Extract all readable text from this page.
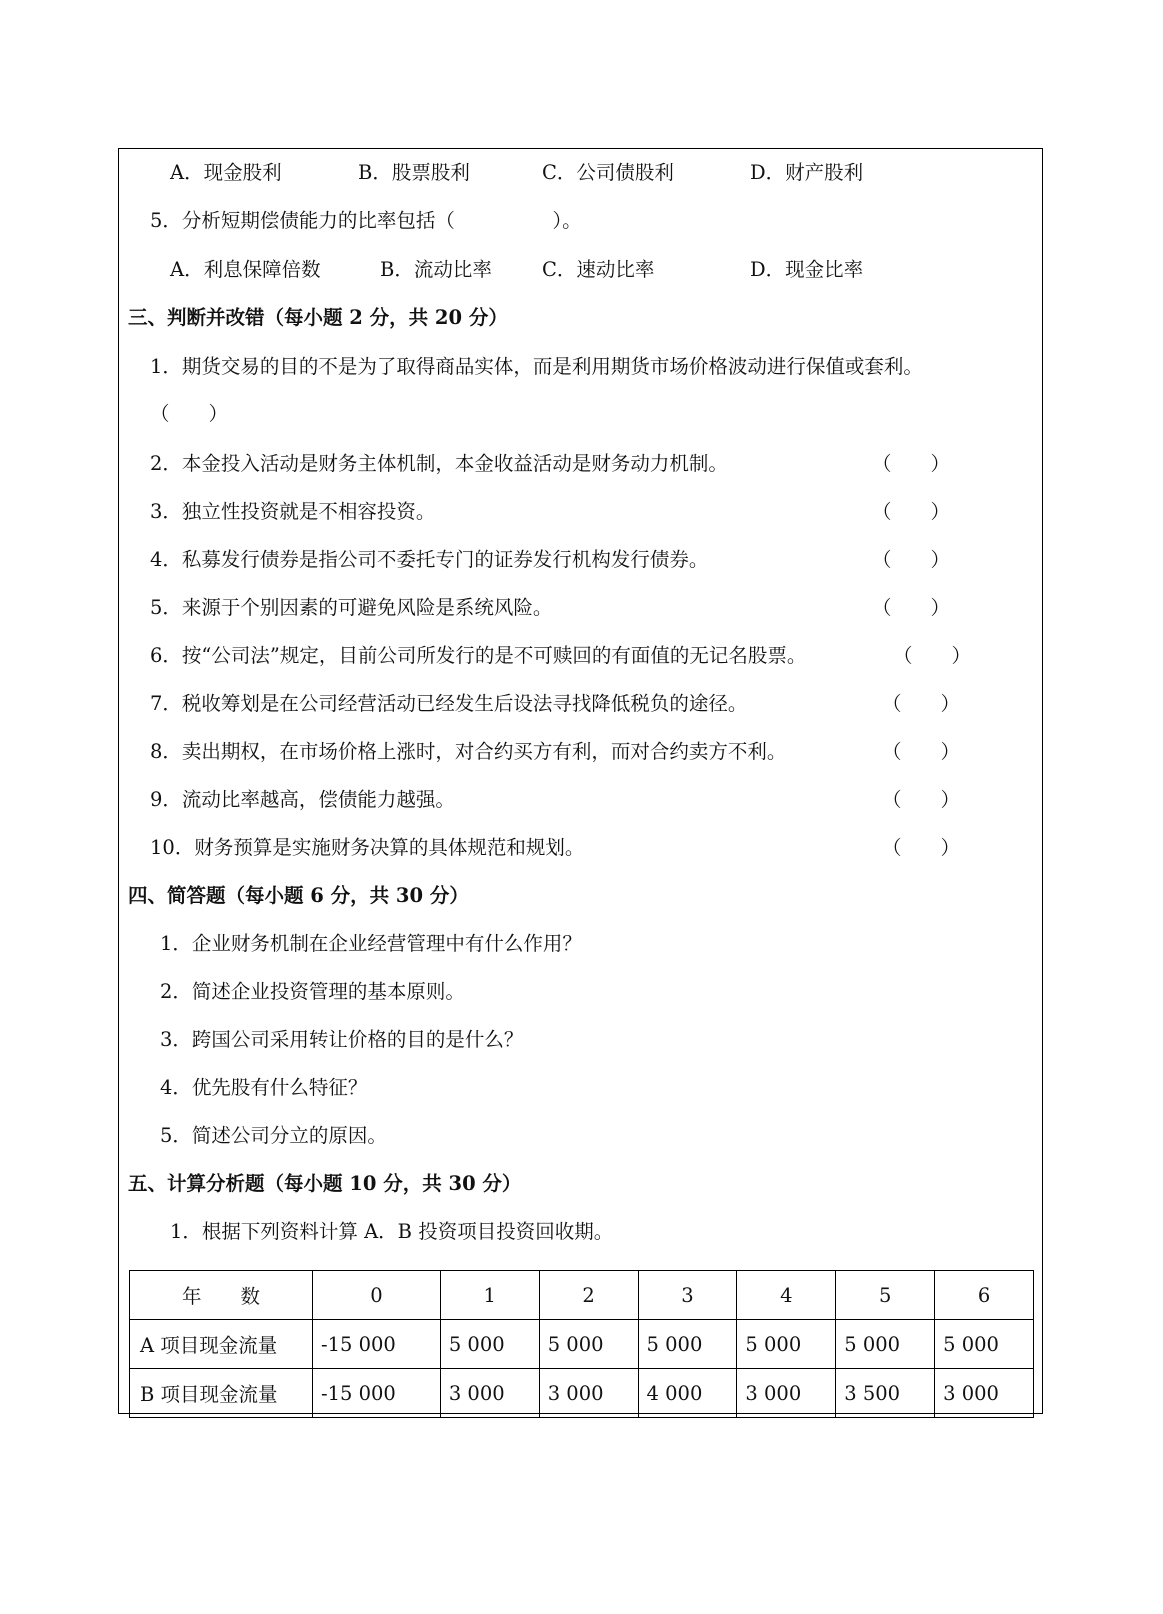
A．现金股利	B．股票股利	C．公司债股利	D．财产股利
5．分析短期偿债能力的比率包括（　　　　　）。
A．利息保障倍数	B．流动比率	C．速动比率	D．现金比率
三、判断并改错（每小题 2 分，共 20 分）
1．期货交易的目的不是为了取得商品实体，而是利用期货市场价格波动进行保值或套利。
（　　）
2．本金投入活动是财务主体机制，本金收益活动是财务动力机制。	（　　）
3．独立性投资就是不相容投资。	（　　）
4．私募发行债券是指公司不委托专门的证券发行机构发行债券。	（　　）
5．来源于个别因素的可避免风险是系统风险。	（　　）
6．按“公司法”规定，目前公司所发行的是不可赎回的有面值的无记名股票。	（　　）
7．税收筹划是在公司经营活动已经发生后设法寻找降低税负的途径。	（　　）
8．卖出期权，在市场价格上涨时，对合约买方有利，而对合约卖方不利。	（　　）
9．流动比率越高，偿债能力越强。	（　　）
10．财务预算是实施财务决算的具体规范和规划。	（　　）
四、简答题（每小题 6 分，共 30 分）
1．企业财务机制在企业经营管理中有什么作用？
2．简述企业投资管理的基本原则。
3．跨国公司采用转让价格的目的是什么？
4．优先股有什么特征？
5．简述公司分立的原因。
五、计算分析题（每小题 10 分，共 30 分）
1．根据下列资料计算 A．B 投资项目投资回收期。
年　　数	0	1	2	3	4	5	6
A 项目现金流量	-15 000	5 000	5 000	5 000	5 000	5 000	5 000
B 项目现金流量	-15 000	3 000	3 000	4 000	3 000	3 500	3 000
